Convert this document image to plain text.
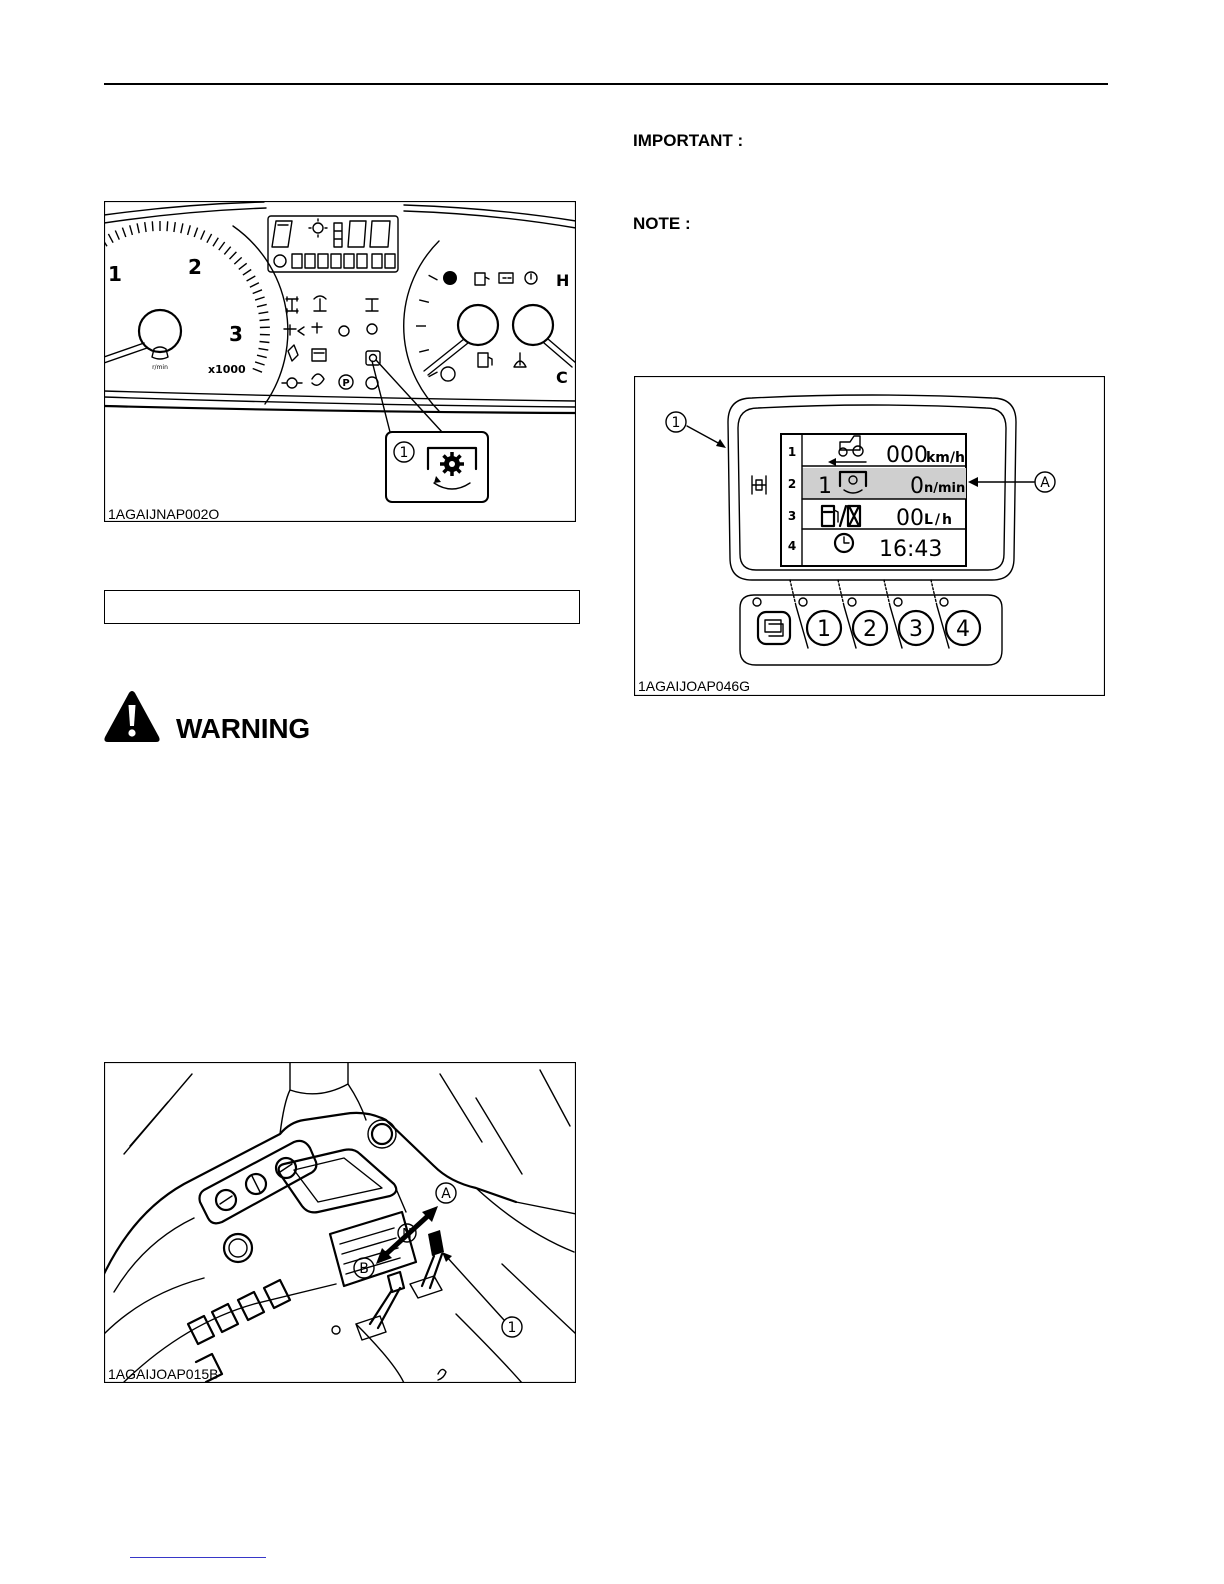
IMPORTANT :
NOTE :
1	2
3
r/min	x1000
P
H
C
1
1AGAIJNAP002O
WARNING
A
N
B
1
1AGAIJOAP015B
1	000
km/h
2 1	0 n/min
3	00 L/h
4	16:43
1 2 3 4
1
A
1AGAIJOAP046G
